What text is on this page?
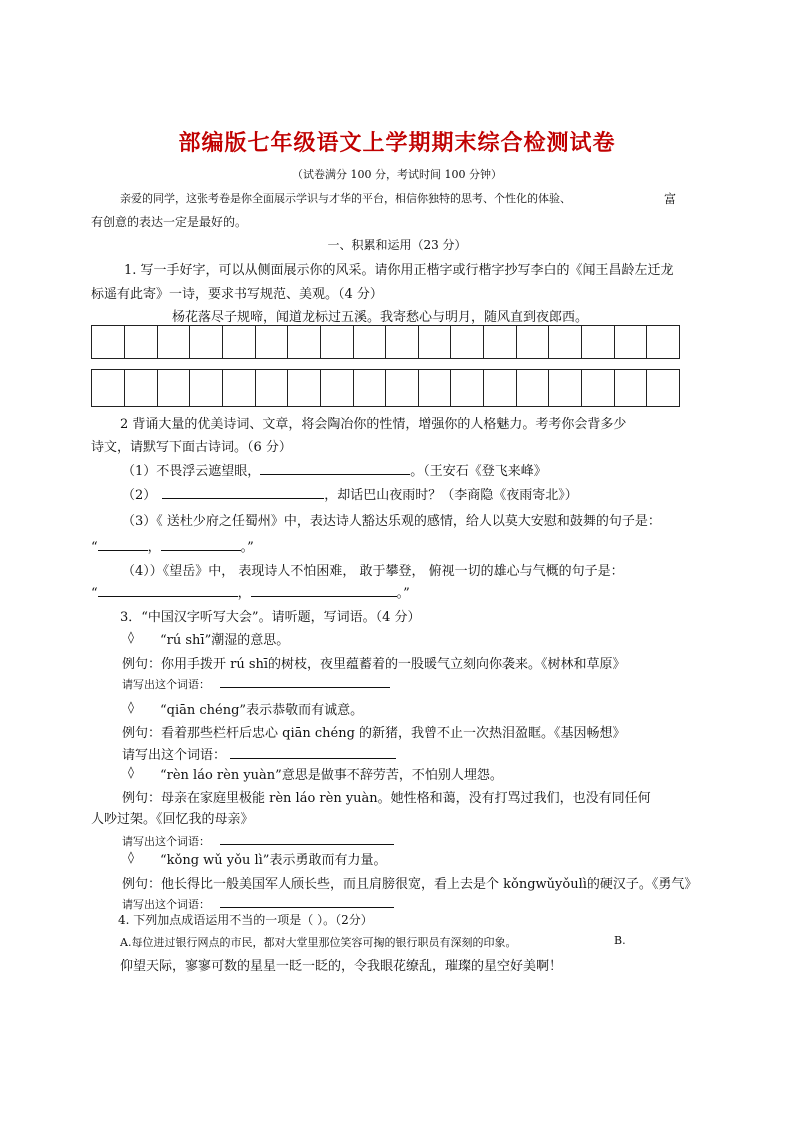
部编版七年级语文上学期期末综合检测试卷
（试卷满分 100 分，考试时间 100 分钟）
亲爱的同学，这张考卷是你全面展示学识与才华的平台，相信你独特的思考、个性化的体验、	富
有创意的表达一定是最好的。
一、积累和运用（23 分）
1. 写一手好字，可以从侧面展示你的风采。请你用正楷字或行楷字抄写李白的《闻王昌龄左迁龙
标遥有此寄》一诗，要求书写规范、美观。（4 分）
杨花落尽子规啼，闻道龙标过五溪。我寄愁心与明月，随风直到夜郎西。
2 背诵大量的优美诗词、文章，将会陶冶你的性情，增强你的人格魅力。考考你会背多少
诗文，请默写下面古诗词。（6 分）
（1）不畏浮云遮望眼，	。（王安石《登飞来峰》
（2）	，却话巴山夜雨时？（李商隐《夜雨寄北》）
（3）《 送杜少府之任蜀州》中，表达诗人豁达乐观的感情，给人以莫大安慰和鼓舞的句子是：
“	，	。”
（4））《望岳》中， 表现诗人不怕困难， 敢于攀登， 俯视一切的雄心与气概的句子是：
“	，	。”
3．“中国汉字听写大会”。请听题，写词语。（4 分）
◊ “rú shī”潮湿的意思。
例句：你用手拨开 rú shī的树枝，夜里蕴蓄着的一股暖气立刻向你袭来。《树林和草原》
请写出这个词语：
◊ “qiān chéng”表示恭敬而有诚意。
例句：看着那些栏杆后忠心 qiān chéng 的新猪，我曾不止一次热泪盈眶。《基因畅想》
请写出这个词语：
◊ “rèn láo rèn yuàn”意思是做事不辞劳苦，不怕别人埋怨。
例句：母亲在家庭里极能 rèn láo rèn yuàn。她性格和蔼，没有打骂过我们，也没有同任何
人吵过架。《回忆我的母亲》
请写出这个词语：
◊ “kǒng wǔ yǒu lì”表示勇敢而有力量。
例句：他长得比一般美国军人颀长些，而且肩膀很宽，看上去是个 kǒngwǔyǒulì的硬汉子。《勇气》
请写出这个词语：
4. 下列加点成语运用不当的一项是（ ）。（2分）
A.每位进过银行网点的市民，都对大堂里那位笑容可掬的银行职员有深刻的印象。	B.
仰望天际，寥寥可数的星星一眨一眨的，令我眼花缭乱，璀璨的星空好美啊！
